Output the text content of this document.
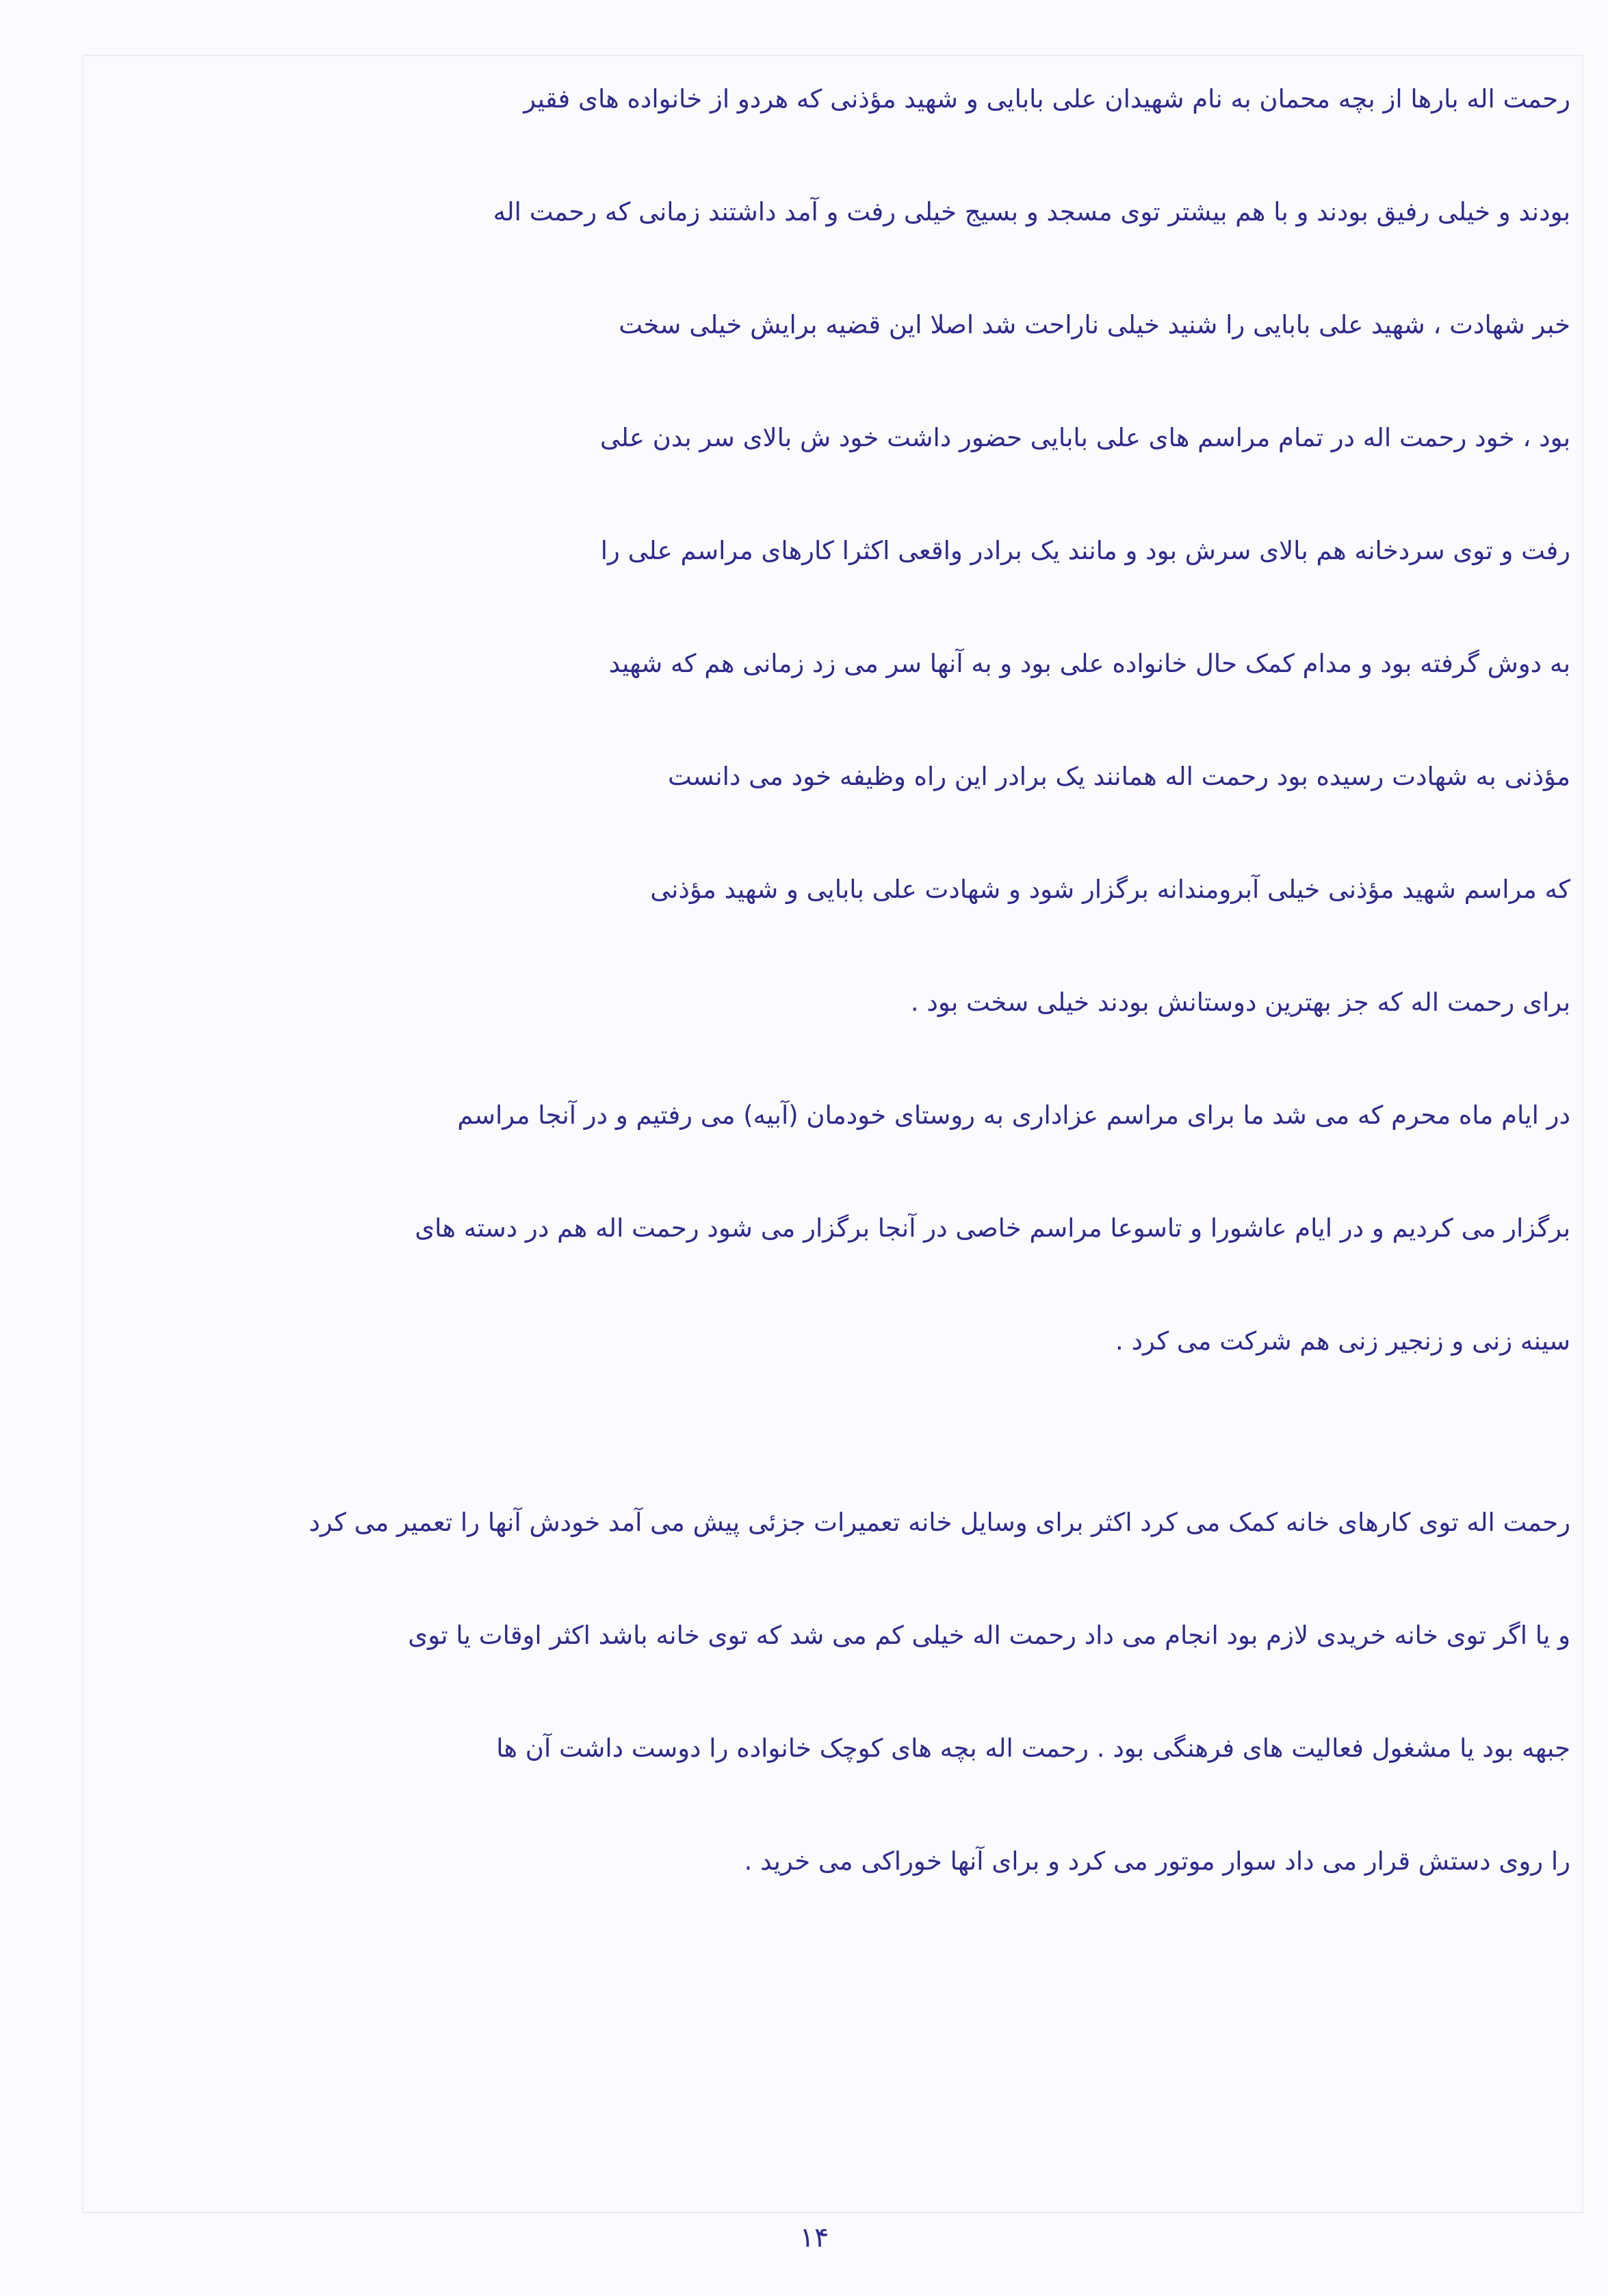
رحمت اله بارها از بچه محمان به نام شهیدان علی بابایی و شهید مؤذنی که هردو از خانواده های فقیر
بودند و خیلی رفیق بودند و با هم بیشتر توی مسجد و بسیج خیلی رفت و آمد داشتند زمانی که رحمت اله
خبر شهادت ، شهید علی بابایی را شنید خیلی ناراحت شد اصلا این قضیه برایش خیلی سخت
بود ، خود رحمت اله در تمام مراسم های علی بابایی حضور داشت خود ش بالای سر بدن علی
رفت و توی سردخانه هم بالای سرش بود و مانند یک برادر واقعی اکثرا کارهای مراسم علی را
به دوش گرفته بود و مدام کمک حال خانواده علی بود و به آنها سر می زد زمانی هم که شهید
مؤذنی به شهادت رسیده بود رحمت اله همانند یک برادر این راه وظیفه خود می دانست
که مراسم شهید مؤذنی خیلی آبرومندانه برگزار شود و شهادت علی بابایی و شهید مؤذنی
برای رحمت اله که جز بهترین دوستانش بودند خیلی سخت بود .
در ایام ماه محرم که می شد ما برای مراسم عزاداری به روستای خودمان (آبیه) می رفتیم و در آنجا مراسم
برگزار می کردیم و در ایام عاشورا و تاسوعا مراسم خاصی در آنجا برگزار می شود رحمت اله هم در دسته های
سینه زنی و زنجیر زنی هم شرکت می کرد .
رحمت اله توی کارهای خانه کمک می کرد اکثر برای وسایل خانه تعمیرات جزئی پیش می آمد خودش آنها را تعمیر می کرد
و یا اگر توی خانه خریدی لازم بود انجام می داد رحمت اله خیلی کم می شد که توی خانه باشد اکثر اوقات یا توی
جبهه بود یا مشغول فعالیت های فرهنگی بود . رحمت اله بچه های کوچک خانواده را دوست داشت آن ها
را روی دستش قرار می داد سوار موتور می کرد و برای آنها خوراکی می خرید .
۱۴
